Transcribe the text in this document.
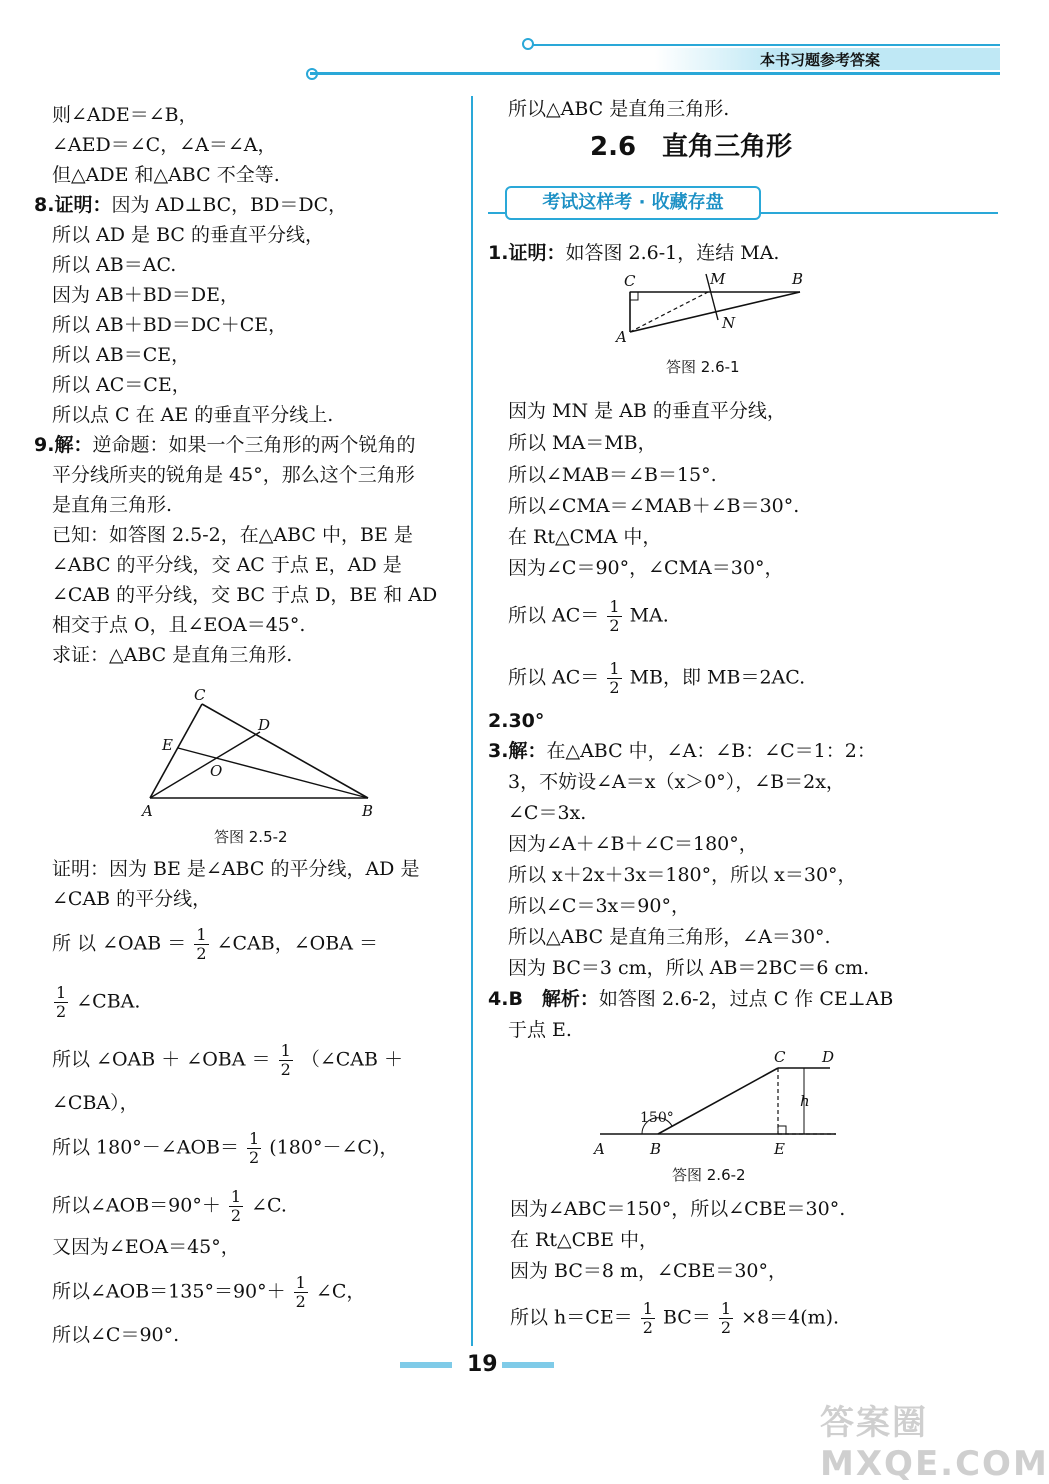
本书习题参考答案
则∠ADE＝∠B，
∠AED＝∠C，∠A＝∠A，
但△ADE 和△ABC 不全等.
8.证明：因为 AD⊥BC，BD＝DC，
所以 AD 是 BC 的垂直平分线，
所以 AB＝AC.
因为 AB＋BD＝DE，
所以 AB＋BD＝DC＋CE，
所以 AB＝CE，
所以 AC＝CE，
所以点 C 在 AE 的垂直平分线上.
9.解：逆命题：如果一个三角形的两个锐角的
平分线所夹的锐角是 45°，那么这个三角形
是直角三角形.
已知：如答图 2.5-2，在△ABC 中，BE 是
∠ABC 的平分线，交 AC 于点 E，AD 是
∠CAB 的平分线，交 BC 于点 D，BE 和 AD
相交于点 O，且∠EOA＝45°.
求证：△ABC 是直角三角形.
C
D
E
O
A	B
答图 2.5-2
证明：因为 BE 是∠ABC 的平分线，AD 是
∠CAB 的平分线，
所 以 ∠OAB ＝ $\frac{1}{2}$ ∠CAB，∠OBA ＝
$\frac{1}{2}$ ∠CBA.
所以 ∠OAB ＋ ∠OBA ＝ $\frac{1}{2}$ （∠CAB ＋
∠CBA），
所以 180°－∠AOB＝ $\frac{1}{2}$ (180°－∠C)，
所以∠AOB＝90°＋ $\frac{1}{2}$ ∠C.
又因为∠EOA＝45°，
所以∠AOB＝135°＝90°＋ $\frac{1}{2}$ ∠C，
所以∠C＝90°.
所以△ABC 是直角三角形.
2.6　直角三角形
考试这样考 · 收藏存盘
1.证明：如答图 2.6-1，连结 MA.
C	M	B
A
N
答图 2.6-1
因为 MN 是 AB 的垂直平分线，
所以 MA＝MB，
所以∠MAB＝∠B＝15°.
所以∠CMA＝∠MAB＋∠B＝30°.
在 Rt△CMA 中，
因为∠C＝90°，∠CMA＝30°，
所以 $AC= \frac{1}{2}$ MA.
所以 $AC= \frac{1}{2}$ MB，即 MB＝2AC.
2.30°
3.解：在△ABC 中，∠A：∠B：∠C＝1：2：
3，不妨设∠A＝x（x＞0°），∠B＝2x，
∠C＝3x.
因为∠A＋∠B＋∠C＝180°，
所以 x＋2x＋3x＝180°，所以 x＝30°，
所以∠C＝3x＝90°，
所以△ABC 是直角三角形，∠A＝30°.
因为 BC＝3 cm，所以 AB＝2BC＝6 cm.
4.B　解析：如答图 2.6-2，过点 C 作 CE⊥AB
于点 E.
C D
h
150°
A	B	E
答图 2.6-2
因为∠ABC＝150°，所以∠CBE＝30°.
在 Rt△CBE 中，
因为 BC＝8 m，∠CBE＝30°，
所以 $h=CE= \frac{1}{2} BC= \frac{1}{2} \times 8=4(m)$.
19
答案圈 MXQE.COM
